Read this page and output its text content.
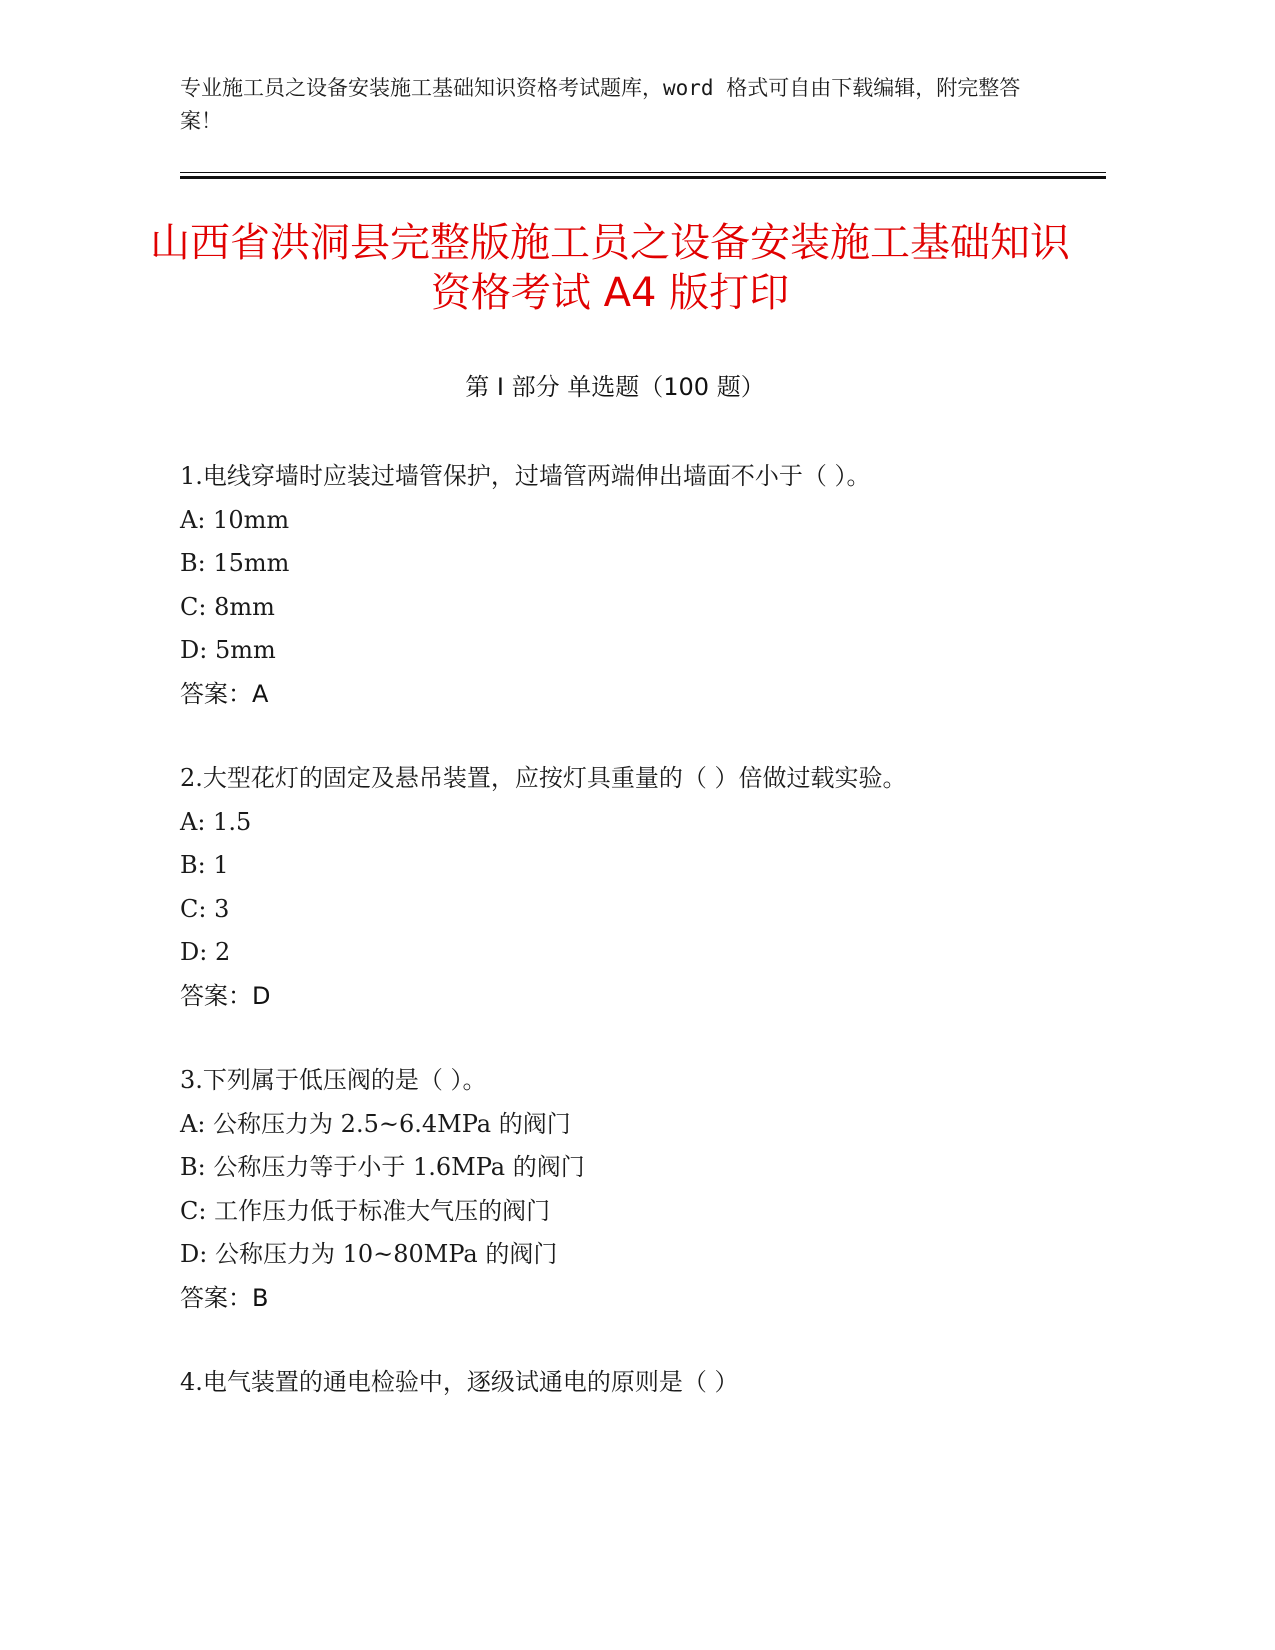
专业施工员之设备安装施工基础知识资格考试题库，word 格式可自由下载编辑，附完整答案！
山西省洪洞县完整版施工员之设备安装施工基础知识资格考试 A4 版打印
第 I 部分 单选题（100 题）
1.电线穿墙时应装过墙管保护，过墙管两端伸出墙面不小于（ ）。
A: 10mm
B: 15mm
C: 8mm
D: 5mm
答案：A
2.大型花灯的固定及悬吊装置，应按灯具重量的（ ）倍做过载实验。
A: 1.5
B: 1
C: 3
D: 2
答案：D
3.下列属于低压阀的是（ ）。
A: 公称压力为 2.5~6.4MPa 的阀门
B: 公称压力等于小于 1.6MPa 的阀门
C: 工作压力低于标准大气压的阀门
D: 公称压力为 10~80MPa 的阀门
答案：B
4.电气装置的通电检验中，逐级试通电的原则是（ ）
